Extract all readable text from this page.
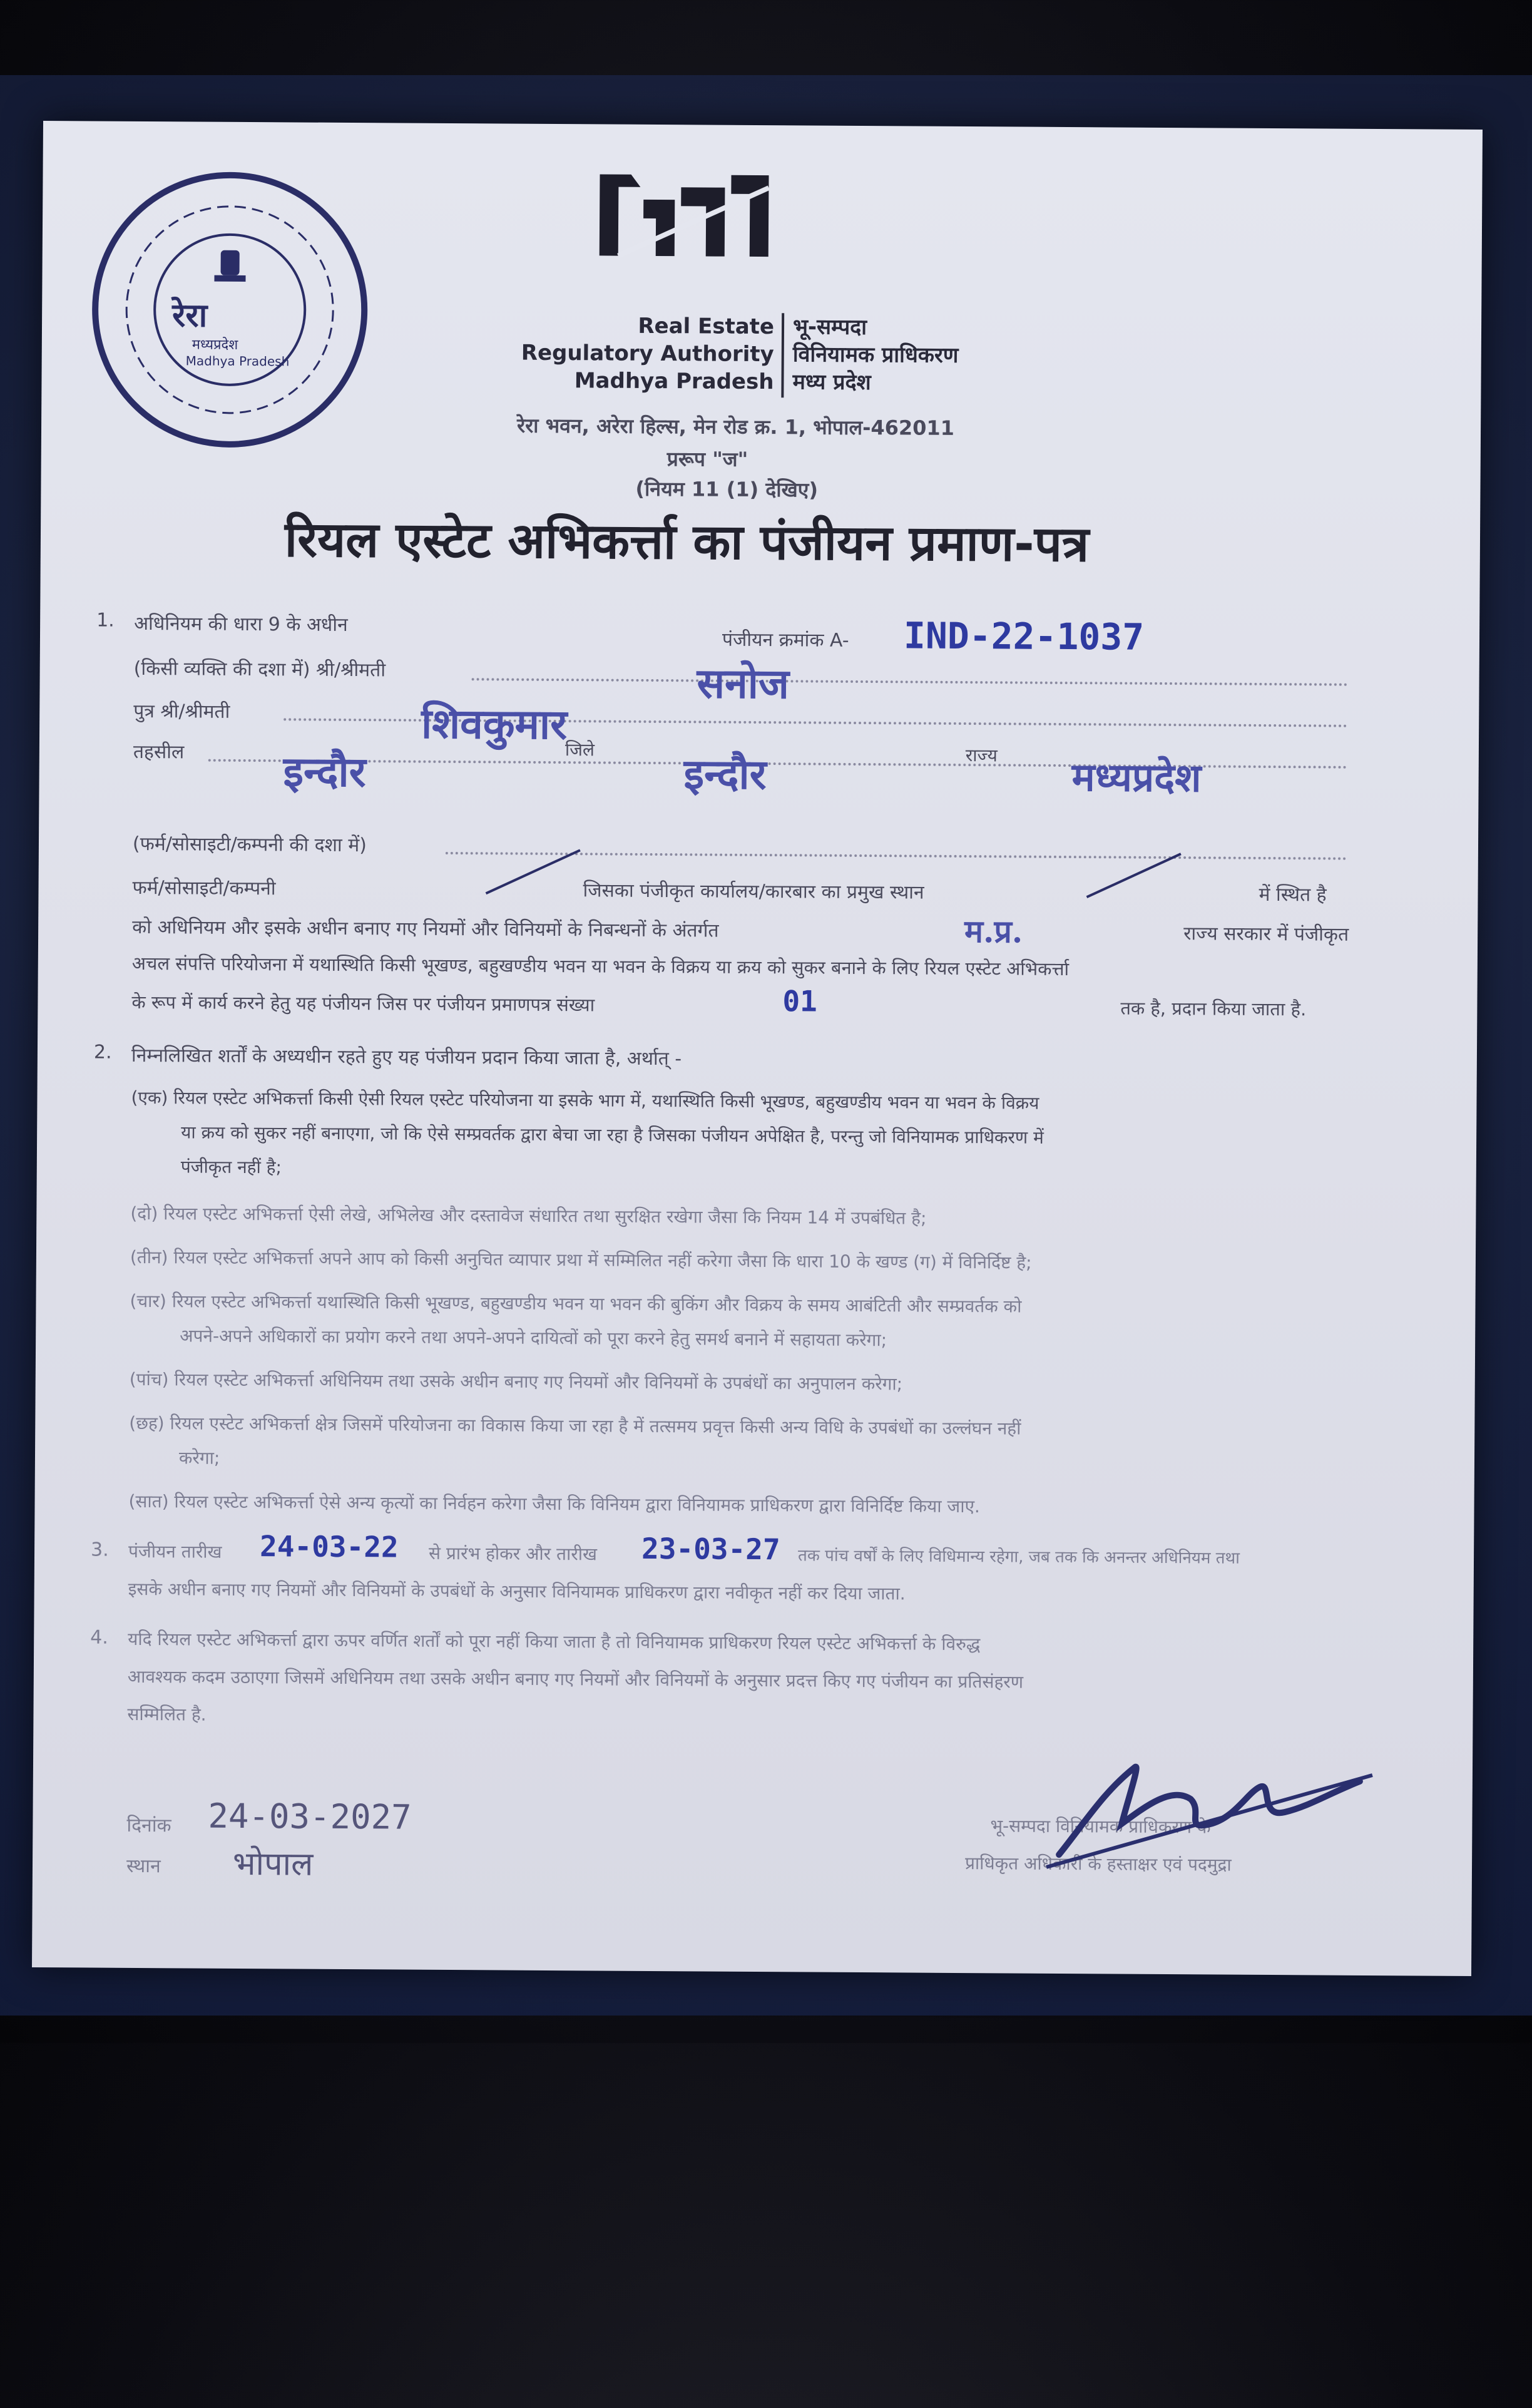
रेरा
मध्यप्रदेश
Madhya Pradesh
Real Estate
Regulatory Authority
Madhya Pradesh
भू-सम्पदा
विनियामक प्राधिकरण
मध्य प्रदेश
रेरा भवन, अरेरा हिल्स, मेन रोड क्र. 1, भोपाल-462011
प्ररूप "ज"
(नियम 11 (1) देखिए)
रियल एस्टेट अभिकर्त्ता का पंजीयन प्रमाण-पत्र
1. अधिनियम की धारा 9 के अधीन
पंजीयन क्रमांक A- IND-22-1037
(किसी व्यक्ति की दशा में) श्री/श्रीमती	सनोज
पुत्र श्री/श्रीमती	शिवकुमार
तहसील इन्दौर	जिले इन्दौर	राज्य मध्यप्रदेश
(फर्म/सोसाइटी/कम्पनी की दशा में)
फर्म/सोसाइटी/कम्पनी	जिसका पंजीकृत कार्यालय/कारबार का प्रमुख स्थान	में स्थित है
को अधिनियम और इसके अधीन बनाए गए नियमों और विनियमों के निबन्धनों के अंतर्गत	म.प्र.	राज्य सरकार में पंजीकृत
अचल संपत्ति परियोजना में यथास्थिति किसी भूखण्ड, बहुखण्डीय भवन या भवन के विक्रय या क्रय को सुकर बनाने के लिए रियल एस्टेट अभिकर्त्ता
के रूप में कार्य करने हेतु यह पंजीयन जिस पर पंजीयन प्रमाणपत्र संख्या	01	तक है, प्रदान किया जाता है.
2. निम्नलिखित शर्तों के अध्यधीन रहते हुए यह पंजीयन प्रदान किया जाता है, अर्थात् -
(एक) रियल एस्टेट अभिकर्त्ता किसी ऐसी रियल एस्टेट परियोजना या इसके भाग में, यथास्थिति किसी भूखण्ड, बहुखण्डीय भवन या भवन के विक्रय
या क्रय को सुकर नहीं बनाएगा, जो कि ऐसे सम्प्रवर्तक द्वारा बेचा जा रहा है जिसका पंजीयन अपेक्षित है, परन्तु जो विनियामक प्राधिकरण में
पंजीकृत नहीं है;
(दो) रियल एस्टेट अभिकर्त्ता ऐसी लेखे, अभिलेख और दस्तावेज संधारित तथा सुरक्षित रखेगा जैसा कि नियम 14 में उपबंधित है;
(तीन) रियल एस्टेट अभिकर्त्ता अपने आप को किसी अनुचित व्यापार प्रथा में सम्मिलित नहीं करेगा जैसा कि धारा 10 के खण्ड (ग) में विनिर्दिष्ट है;
(चार) रियल एस्टेट अभिकर्त्ता यथास्थिति किसी भूखण्ड, बहुखण्डीय भवन या भवन की बुकिंग और विक्रय के समय आबंटिती और सम्प्रवर्तक को
अपने-अपने अधिकारों का प्रयोग करने तथा अपने-अपने दायित्वों को पूरा करने हेतु समर्थ बनाने में सहायता करेगा;
(पांच) रियल एस्टेट अभिकर्त्ता अधिनियम तथा उसके अधीन बनाए गए नियमों और विनियमों के उपबंधों का अनुपालन करेगा;
(छह) रियल एस्टेट अभिकर्त्ता क्षेत्र जिसमें परियोजना का विकास किया जा रहा है में तत्समय प्रवृत्त किसी अन्य विधि के उपबंधों का उल्लंघन नहीं
करेगा;
(सात) रियल एस्टेट अभिकर्त्ता ऐसे अन्य कृत्यों का निर्वहन करेगा जैसा कि विनियम द्वारा विनियामक प्राधिकरण द्वारा विनिर्दिष्ट किया जाए.
3. पंजीयन तारीख 24-03-22 से प्रारंभ होकर और तारीख 23-03-27 तक पांच वर्षों के लिए विधिमान्य रहेगा, जब तक कि अनन्तर अधिनियम तथा
इसके अधीन बनाए गए नियमों और विनियमों के उपबंधों के अनुसार विनियामक प्राधिकरण द्वारा नवीकृत नहीं कर दिया जाता.
4. यदि रियल एस्टेट अभिकर्त्ता द्वारा ऊपर वर्णित शर्तों को पूरा नहीं किया जाता है तो विनियामक प्राधिकरण रियल एस्टेट अभिकर्त्ता के विरुद्ध
आवश्यक कदम उठाएगा जिसमें अधिनियम तथा उसके अधीन बनाए गए नियमों और विनियमों के अनुसार प्रदत्त किए गए पंजीयन का प्रतिसंहरण
सम्मिलित है.
दिनांक 24-03-2027
स्थान भोपाल
भू-सम्पदा विनियामक प्राधिकरण के
प्राधिकृत अधिकारी के हस्ताक्षर एवं पदमुद्रा
